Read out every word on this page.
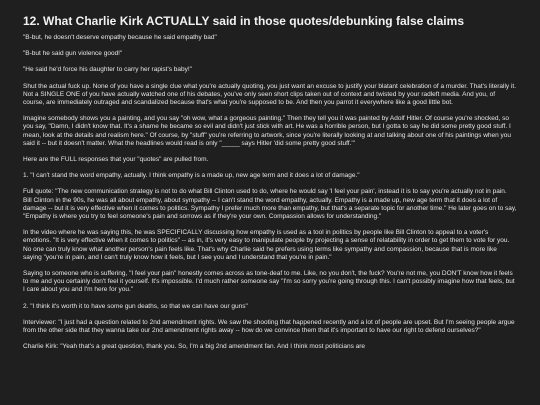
12. What Charlie Kirk ACTUALLY said in those quotes/debunking false claims

"B-but, he doesn't deserve empathy because he said empathy bad"

"B-but he said gun violence good!"

"He said he'd force his daughter to carry her rapist's baby!"

Shut the actual fuck up. None of you have a single clue what you're actually quoting, you just want an excuse to justify your blatant celebration of a murder. That's literally it. Not a SINGLE ONE of you have actually watched one of his debates, you've only seen short clips taken out of context and twisted by your radleft media. And you, of course, are immediately outraged and scandalized because that's what you're supposed to be. And then you parrot it everywhere like a good little bot.

Imagine somebody shows you a painting, and you say "oh wow, what a gorgeous painting." Then they tell you it was painted by Adolf Hitler. Of course you're shocked, so you say, "Damn, I didn't know that. It's a shame he became so evil and didn't just stick with art. He was a horrible person, but I gotta to say he did some pretty good stuff. I mean, look at the details and realism here." Of course, by "stuff" you're referring to artwork, since you're literally looking at and talking about one of his paintings when you said it -- but it doesn't matter. What the headlines would read is only "_____ says Hitler 'did some pretty good stuff.'"

Here are the FULL responses that your "quotes" are pulled from.

1. "I can't stand the word empathy, actually. I think empathy is a made up, new age term and it does a lot of damage."

Full quote: "The new communication strategy is not to do what Bill Clinton used to do, where he would say 'I feel your pain', instead it is to say you're actually not in pain. Bill Clinton in the 90s, he was all about empathy, about sympathy -- I can't stand the word empathy, actually. Empathy is a made up, new age term that it does a lot of damage -- but it is very effective when it comes to politics. Sympathy I prefer much more than empathy, but that's a separate topic for another time." He later goes on to say, "Empathy is where you try to feel someone's pain and sorrows as if they're your own. Compassion allows for understanding."

In the video where he was saying this, he was SPECIFICALLY discussing how empathy is used as a tool in politics by people like Bill Clinton to appeal to a voter's emotions. "It is very effective when it comes to politics" -- as in, it's very easy to manipulate people by projecting a sense of relatability in order to get them to vote for you. No one can truly know what another person's pain feels like. That's why Charlie said he prefers using terms like sympathy and compassion, because that is more like saying "you're in pain, and I can't truly know how it feels, but I see you and I understand that you're in pain."

Saying to someone who is suffering, "I feel your pain" honestly comes across as tone-deaf to me. Like, no you don't, the fuck? You're not me, you DON'T know how it feels to me and you certainly don't feel it yourself. It's impossible. I'd much rather someone say "I'm so sorry you're going through this. I can't possibly imagine how that feels, but I care about you and I'm here for you."

2. "I think it's worth it to have some gun deaths, so that we can have our guns"

Interviewer: "I just had a question related to 2nd amendment rights. We saw the shooting that happened recently and a lot of people are upset. But I'm seeing people argue from the other side that they wanna take our 2nd amendment rights away -- how do we convince them that it's important to have our right to defend ourselves?"

Charlie Kirk: "Yeah that's a great question, thank you. So, I'm a big 2nd amendment fan. And I think most politicians are
